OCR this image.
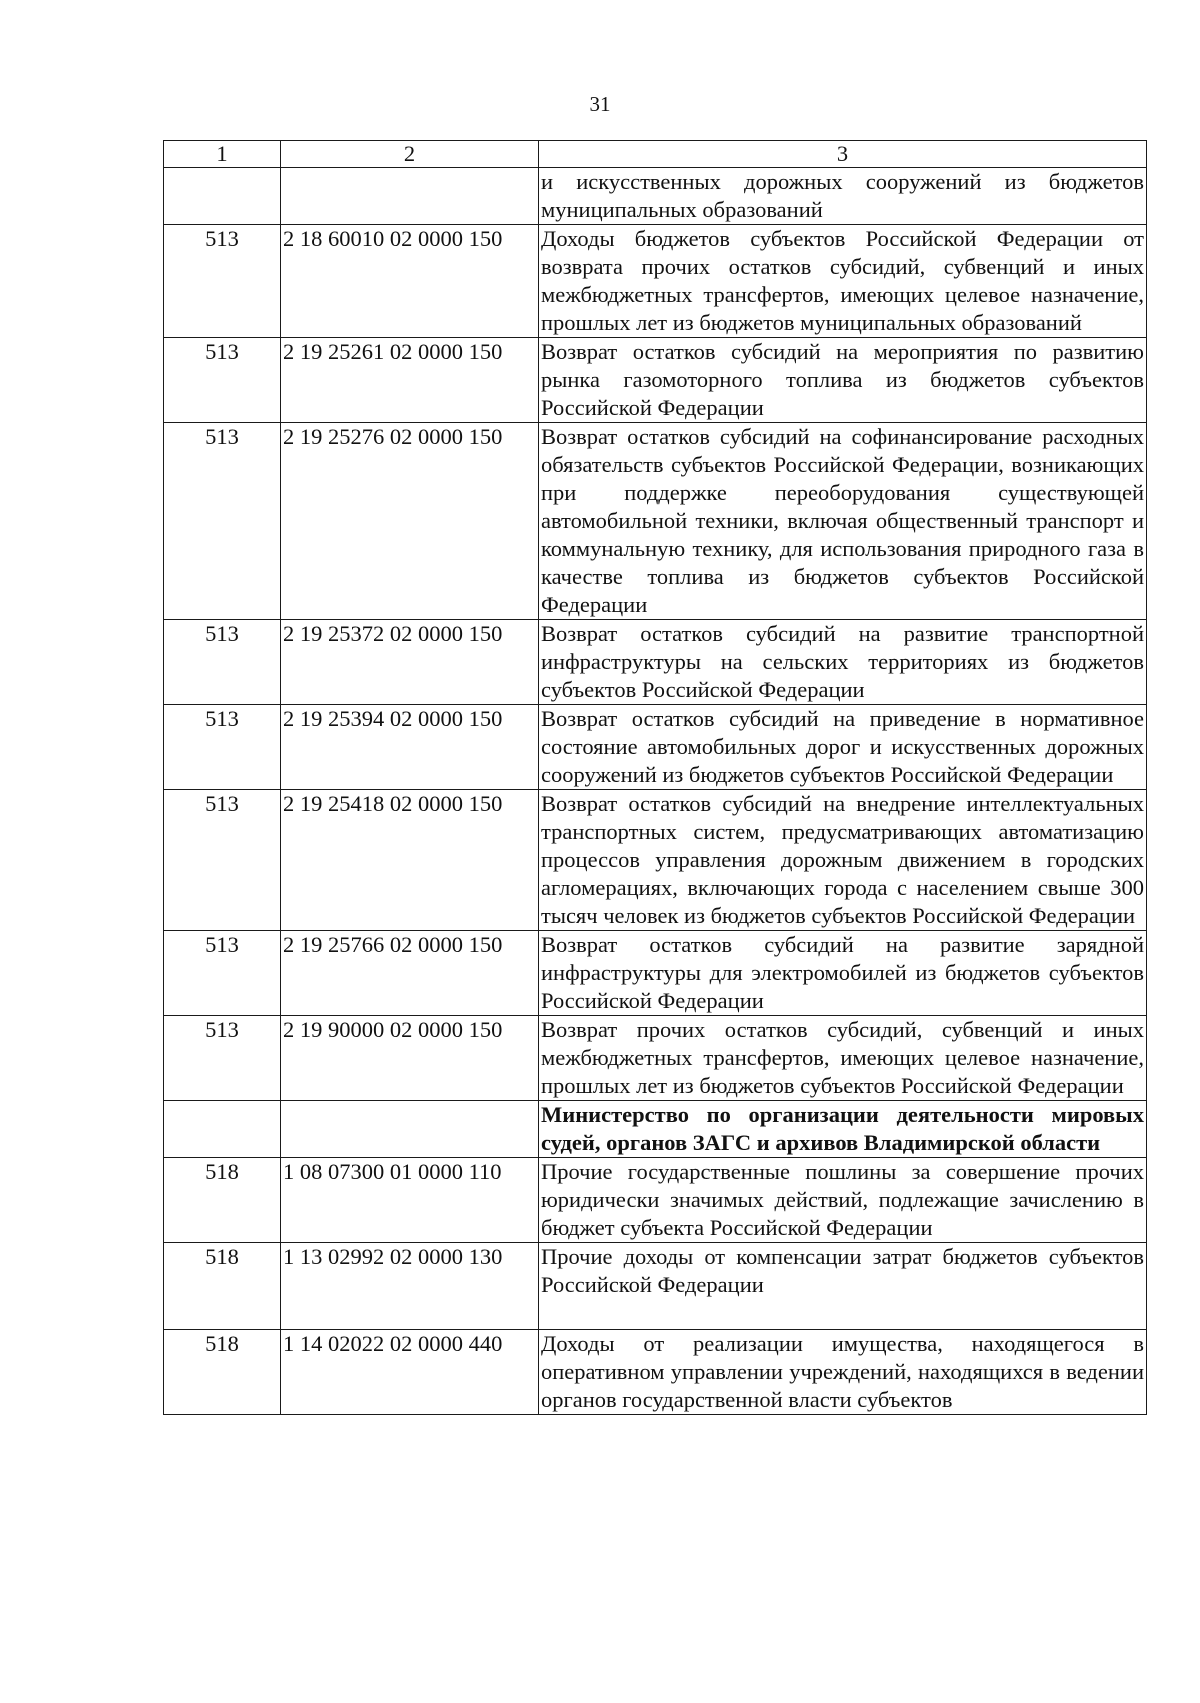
31
1	2	3
		и искусственных дорожных сооружений из бюджетов муниципальных образований
513	2 18 60010 02 0000 150	Доходы бюджетов субъектов Российской Федерации от возврата прочих остатков субсидий, субвенций и иных межбюджетных трансфертов, имеющих целевое назначение, прошлых лет из бюджетов муниципальных образований
513	2 19 25261 02 0000 150	Возврат остатков субсидий на мероприятия по развитию рынка газомоторного топлива из бюджетов субъектов Российской Федерации
513	2 19 25276 02 0000 150	Возврат остатков субсидий на софинансирование расходных обязательств субъектов Российской Федерации, возникающих при поддержке переоборудования существующей автомобильной техники, включая общественный транспорт и коммунальную технику, для использования природного газа в качестве топлива из бюджетов субъектов Российской Федерации
513	2 19 25372 02 0000 150	Возврат остатков субсидий на развитие транспортной инфраструктуры на сельских территориях из бюджетов субъектов Российской Федерации
513	2 19 25394 02 0000 150	Возврат остатков субсидий на приведение в нормативное состояние автомобильных дорог и искусственных дорожных сооружений из бюджетов субъектов Российской Федерации
513	2 19 25418 02 0000 150	Возврат остатков субсидий на внедрение интеллектуальных транспортных систем, предусматривающих автоматизацию процессов управления дорожным движением в городских агломерациях, включающих города с населением свыше 300 тысяч человек из бюджетов субъектов Российской Федерации
513	2 19 25766 02 0000 150	Возврат остатков субсидий на развитие зарядной инфраструктуры для электромобилей из бюджетов субъектов Российской Федерации
513	2 19 90000 02 0000 150	Возврат прочих остатков субсидий, субвенций и иных межбюджетных трансфертов, имеющих целевое назначение, прошлых лет из бюджетов субъектов Российской Федерации
		Министерство по организации деятельности мировых судей, органов ЗАГС и архивов Владимирской области
518	1 08 07300 01 0000 110	Прочие государственные пошлины за совершение прочих юридически значимых действий, подлежащие зачислению в бюджет субъекта Российской Федерации
518	1 13 02992 02 0000 130	Прочие доходы от компенсации затрат бюджетов субъектов Российской Федерации
518	1 14 02022 02 0000 440	Доходы от реализации имущества, находящегося в оперативном управлении учреждений, находящихся в ведении органов государственной власти субъектов
